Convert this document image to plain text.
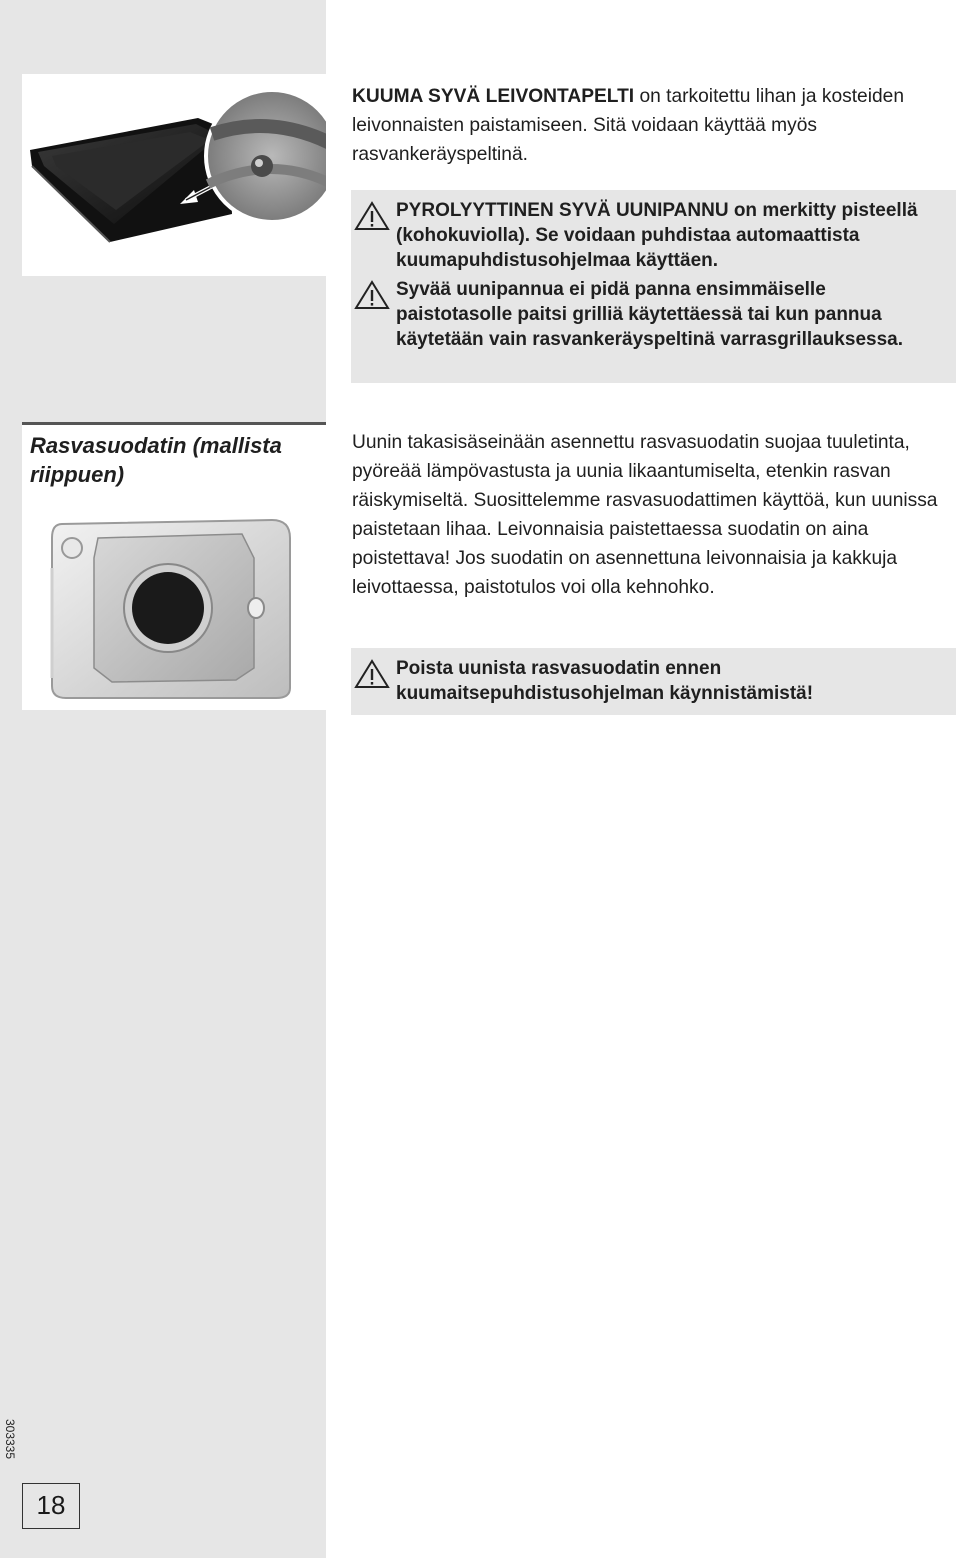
KUUMA SYVÄ LEIVONTAPELTI on tarkoitettu lihan ja kosteiden leivonnaisten paistamiseen. Sitä voidaan käyttää myös rasvankeräyspeltinä.
PYROLYYTTINEN SYVÄ UUNIPANNU on merkitty pisteellä (kohokuviolla). Se voidaan puhdistaa automaattista kuumapuhdistusohjelmaa käyttäen.
Syvää uunipannua ei pidä panna ensimmäiselle paistotasolle paitsi grilliä käytettäessä tai kun pannua käytetään vain rasvankeräyspeltinä varrasgrillauksessa.
Rasvasuodatin (mallista riippuen)
Uunin takasisäseinään asennettu rasvasuodatin suojaa tuuletinta, pyöreää lämpövastusta ja uunia likaantumiselta, etenkin rasvan räiskymiseltä. Suosittelemme rasvasuodattimen käyttöä, kun uunissa paistetaan lihaa. Leivonnaisia paistettaessa suodatin on aina poistettava! Jos suodatin on asennettuna leivonnaisia ja kakkuja leivottaessa, paistotulos voi olla kehnohko.
Poista uunista rasvasuodatin ennen kuumaitsepuhdistusohjelman käynnistämistä!
303335
18
